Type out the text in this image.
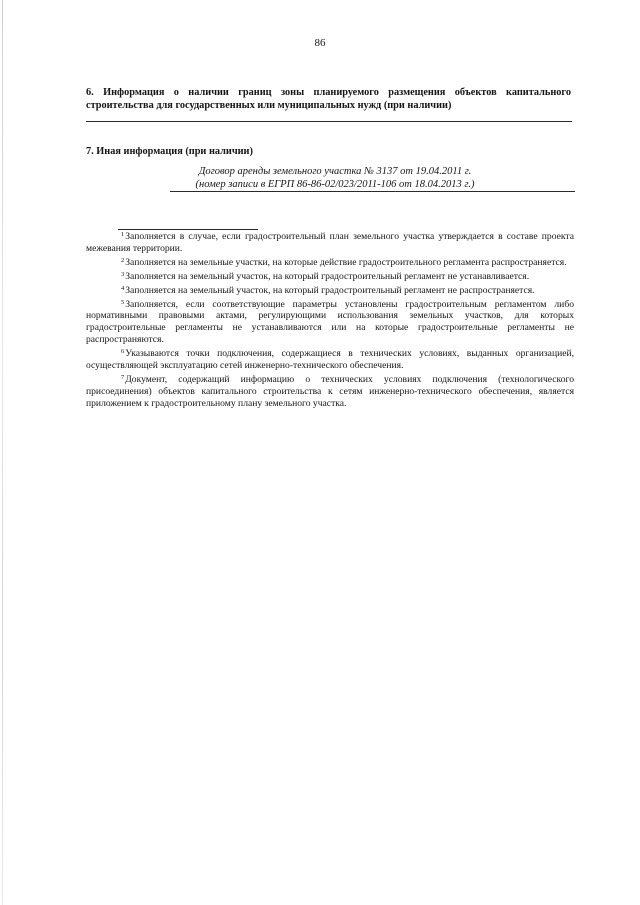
86
6. Информация о наличии границ зоны планируемого размещения объектов капитального строительства для государственных или муниципальных нужд (при наличии)
7. Иная информация (при наличии)
Договор аренды земельного участка № 3137 от 19.04.2011 г.
(номер записи в ЕГРП 86-86-02/023/2011-106 от 18.04.2013 г.)
$^1$Заполняется в случае, если градостроительный план земельного участка утверждается в составе проекта межевания территории.
$^2$Заполняется на земельные участки, на которые действие градостроительного регламента распространяется.
$^3$Заполняется на земельный участок, на который градостроительный регламент не устанавливается.
$^4$Заполняется на земельный участок, на который градостроительный регламент не распространяется.
$^5$Заполняется, если соответствующие параметры установлены градостроительным регламентом либо нормативными правовыми актами, регулирующими использования земельных участков, для которых градостроительные регламенты не устанавливаются или на которые градостроительные регламенты не распространяются.
$^6$Указываются точки подключения, содержащиеся в технических условиях, выданных организацией, осуществляющей эксплуатацию сетей инженерно-технического обеспечения.
$^7$Документ, содержащий информацию о технических условиях подключения (технологического присоединения) объектов капитального строительства к сетям инженерно-технического обеспечения, является приложением к градостроительному плану земельного участка.
